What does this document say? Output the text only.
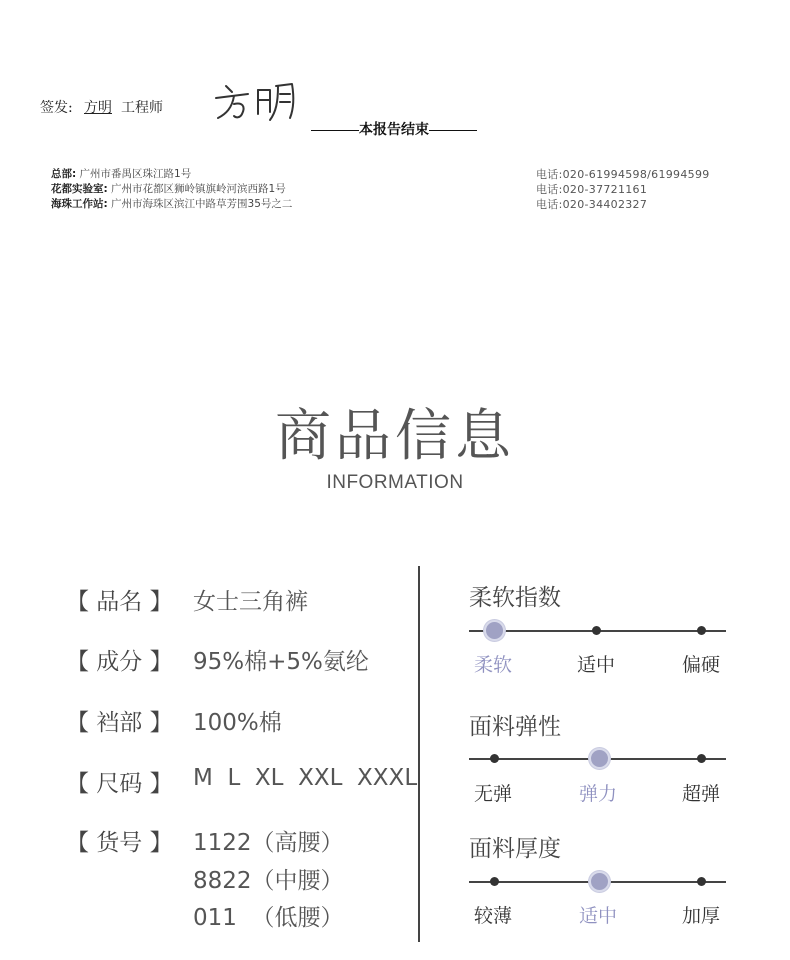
签发: 方明 工程师
本报告结束
总部: 广州市番禺区珠江路1号
花都实验室: 广州市花都区狮岭镇旗岭河滨西路1号
海珠工作站: 广州市海珠区滨江中路草芳围35号之二
电话:020-61994598/61994599
电话:020-37721161
电话:020-34402327
商品信息
INFORMATION
【 品名 】 女士三角裤
【 成分 】 95%棉+5%氨纶
【 裆部 】 100%棉
【 尺码 】 M  L  XL  XXL  XXXL
【 货号 】 1122（高腰）
8822（中腰）
011  （低腰）
柔软指数
柔软	适中	偏硬
面料弹性
无弹	弹力	超弹
面料厚度
较薄	适中	加厚
